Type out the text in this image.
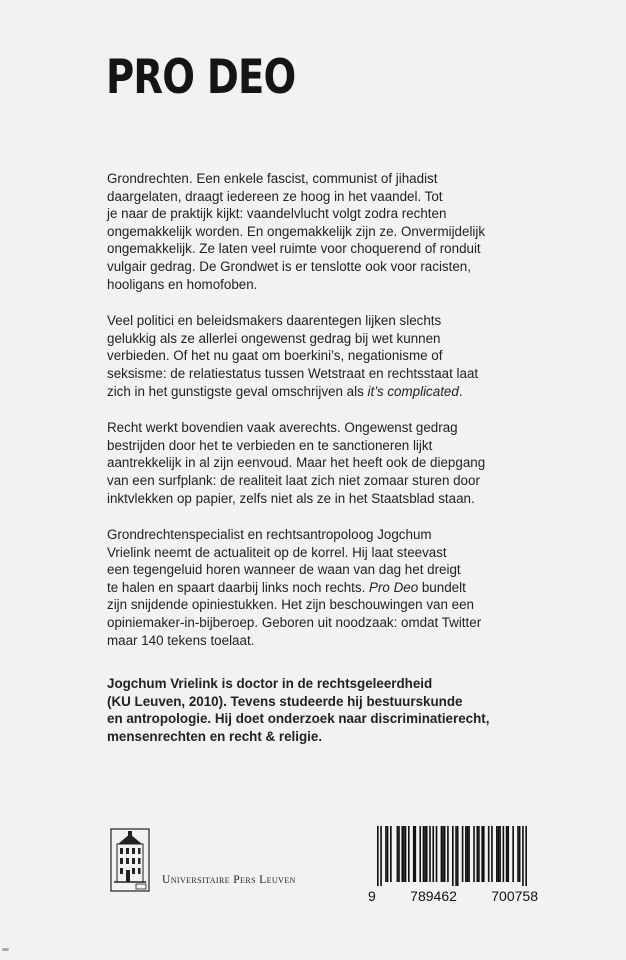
PRO DEO

Grondrechten. Een enkele fascist, communist of jihadist
daargelaten, draagt iedereen ze hoog in het vaandel. Tot
je naar de praktijk kijkt: vaandelvlucht volgt zodra rechten
ongemakkelijk worden. En ongemakkelijk zijn ze. Onvermijdelijk
ongemakkelijk. Ze laten veel ruimte voor choquerend of ronduit
vulgair gedrag. De Grondwet is er tenslotte ook voor racisten,
hooligans en homofoben.

Veel politici en beleidsmakers daarentegen lijken slechts
gelukkig als ze allerlei ongewenst gedrag bij wet kunnen
verbieden. Of het nu gaat om boerkini’s, negationisme of
seksisme: de relatiestatus tussen Wetstraat en rechtsstaat laat
zich in het gunstigste geval omschrijven als it’s complicated.

Recht werkt bovendien vaak averechts. Ongewenst gedrag
bestrijden door het te verbieden en te sanctioneren lijkt
aantrekkelijk in al zijn eenvoud. Maar het heeft ook de diepgang
van een surfplank: de realiteit laat zich niet zomaar sturen door
inktvlekken op papier, zelfs niet als ze in het Staatsblad staan.

Grondrechtenspecialist en rechtsantropoloog Jogchum
Vrielink neemt de actualiteit op de korrel. Hij laat steevast
een tegengeluid horen wanneer de waan van dag het dreigt
te halen en spaart daarbij links noch rechts. Pro Deo bundelt
zijn snijdende opiniestukken. Het zijn beschouwingen van een
opiniemaker-in-bijberoep. Geboren uit noodzaak: omdat Twitter
maar 140 tekens toelaat.

Jogchum Vrielink is doctor in de rechtsgeleerdheid
(KU Leuven, 2010). Tevens studeerde hij bestuurskunde
en antropologie. Hij doet onderzoek naar discriminatierecht,
mensenrechten en recht & religie.

Universitaire Pers Leuven
9 789462 700758
